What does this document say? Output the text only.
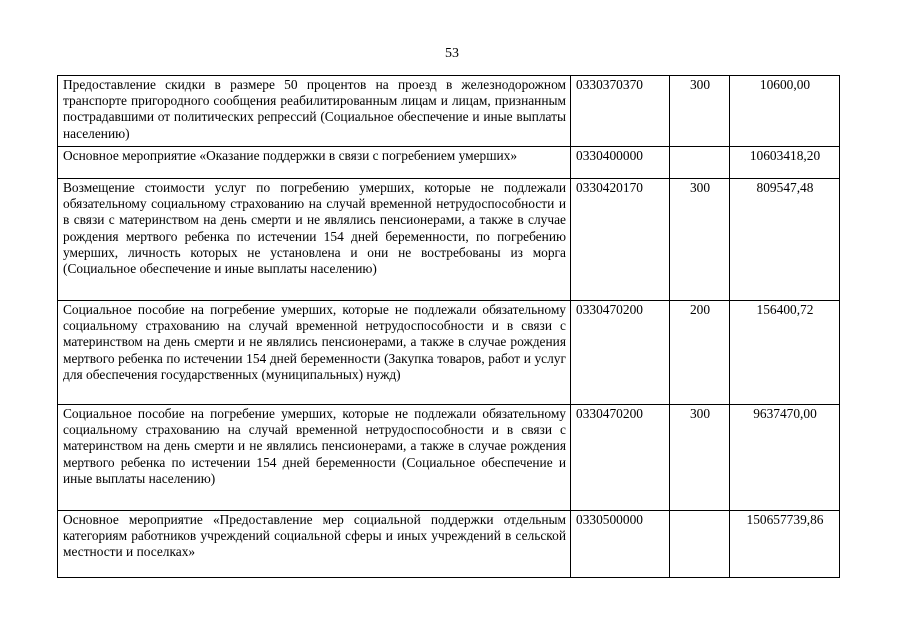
53
Предоставление скидки в размере 50 процентов на проезд в железнодорожном транспорте пригородного сообщения реабилитированным лицам и лицам, признанным пострадавшими от политических репрессий (Социальное обеспечение и иные выплаты населению)	0330370370	300	10600,00
Основное мероприятие «Оказание поддержки в связи с погребением умерших»	0330400000		10603418,20
Возмещение стоимости услуг по погребению умерших, которые не подлежали обязательному социальному страхованию на случай временной нетрудоспособности и в связи с материнством на день смерти и не являлись пенсионерами, а также в случае рождения мертвого ребенка по истечении 154 дней беременности, по погребению умерших, личность которых не установлена и они не востребованы из морга (Социальное обеспечение и иные выплаты населению)	0330420170	300	809547,48
Социальное пособие на погребение умерших, которые не подлежали обязательному социальному страхованию на случай временной нетрудоспособности и в связи с материнством на день смерти и не являлись пенсионерами, а также в случае рождения мертвого ребенка по истечении 154 дней беременности (Закупка товаров, работ и услуг для обеспечения государственных (муниципальных) нужд)	0330470200	200	156400,72
Социальное пособие на погребение умерших, которые не подлежали обязательному социальному страхованию на случай временной нетрудоспособности и в связи с материнством на день смерти и не являлись пенсионерами, а также в случае рождения мертвого ребенка по истечении 154 дней беременности (Социальное обеспечение и иные выплаты населению)	0330470200	300	9637470,00
Основное мероприятие «Предоставление мер социальной поддержки отдельным категориям работников учреждений социальной сферы и иных учреждений в сельской местности и поселках»	0330500000		150657739,86
